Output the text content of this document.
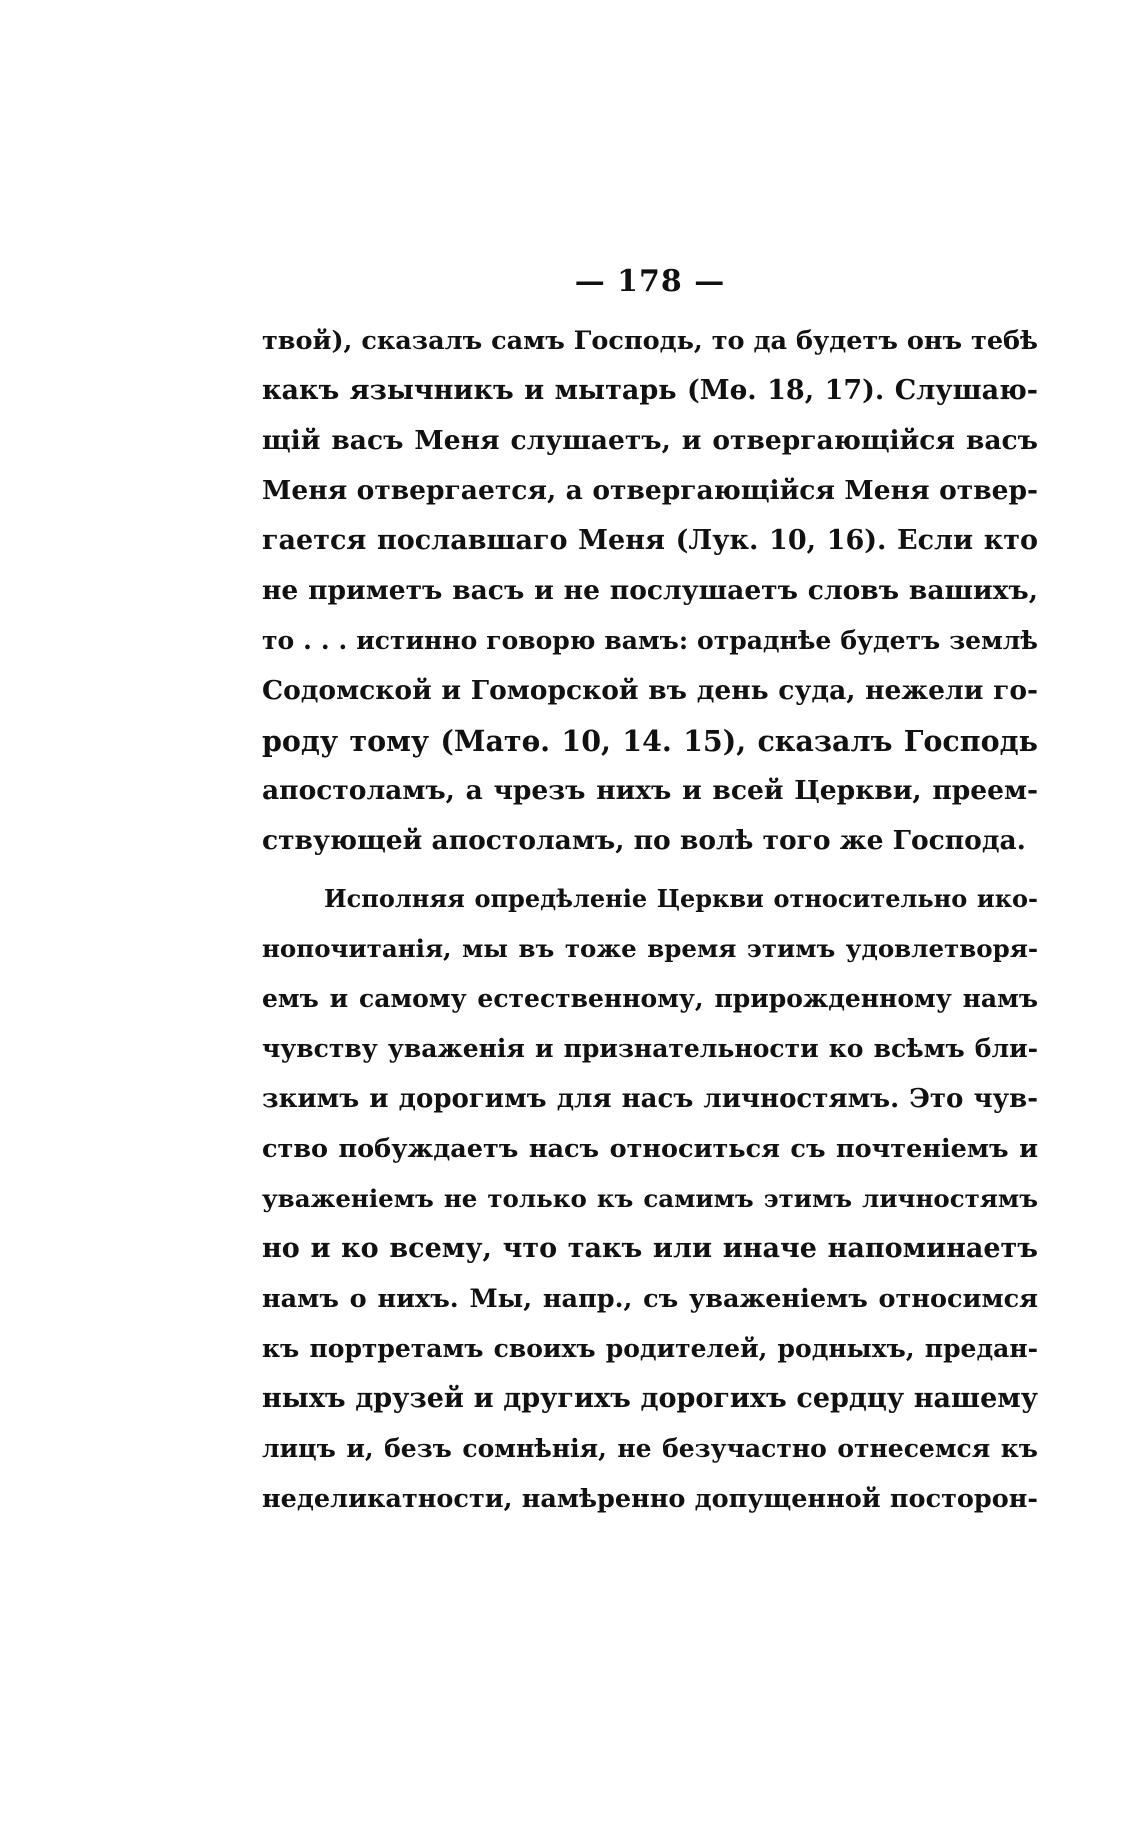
— 178 —
твой), сказалъ самъ Господь, то да будетъ онъ тебѣ
какъ язычникъ и мытарь (Мѳ. 18, 17). Слушаю-
щій васъ Меня слушаетъ, и отвергающійся васъ
Меня отвергается, а отвергающійся Меня отвер-
гается пославшаго Меня (Лук. 10, 16). Если кто
не приметъ васъ и не послушаетъ словъ вашихъ,
то . . . истинно говорю вамъ: отраднѣе будетъ землѣ
Содомской и Гоморской въ день суда, нежели го-
роду тому (Матѳ. 10, 14. 15), сказалъ Господь
апостоламъ, а чрезъ нихъ и всей Церкви, преем-
ствующей апостоламъ, по волѣ того же Господа.
Исполняя опредѣленіе Церкви относительно ико-
нопочитанія, мы въ тоже время этимъ удовлетворя-
емъ и самому естественному, прирожденному намъ
чувству уваженія и признательности ко всѣмъ бли-
зкимъ и дорогимъ для насъ личностямъ. Это чув-
ство побуждаетъ насъ относиться съ почтеніемъ и
уваженіемъ не только къ самимъ этимъ личностямъ
но и ко всему, что такъ или иначе напоминаетъ
намъ о нихъ. Мы, напр., съ уваженіемъ относимся
къ портретамъ своихъ родителей, родныхъ, предан-
ныхъ друзей и другихъ дорогихъ сердцу нашему
лицъ и, безъ сомнѣнія, не безучастно отнесемся къ
неделикатности, намѣренно допущенной посторон-
